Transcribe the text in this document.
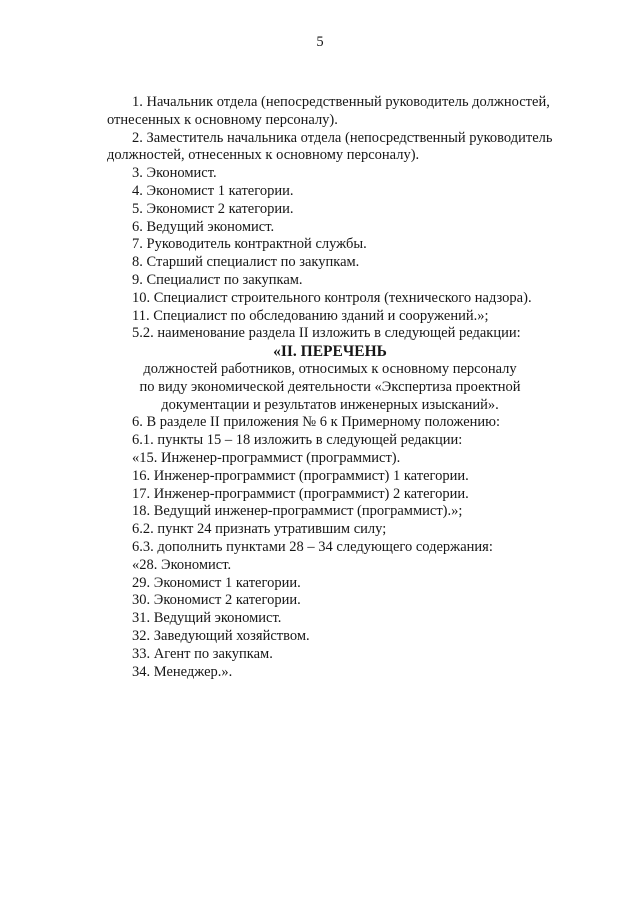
5
1. Начальник отдела (непосредственный руководитель должностей,
отнесенных к основному персоналу).
2. Заместитель начальника отдела (непосредственный руководитель
должностей, отнесенных к основному персоналу).
3. Экономист.
4. Экономист 1 категории.
5. Экономист 2 категории.
6. Ведущий экономист.
7. Руководитель контрактной службы.
8. Старший специалист по закупкам.
9. Специалист по закупкам.
10. Специалист строительного контроля (технического надзора).
11. Специалист по обследованию зданий и сооружений.»;
5.2. наименование раздела II изложить в следующей редакции:
«II. ПЕРЕЧЕНЬ
должностей работников, относимых к основному персоналу
по виду экономической деятельности «Экспертиза проектной
документации и результатов инженерных изысканий».
6. В разделе II приложения № 6 к Примерному положению:
6.1. пункты 15 – 18 изложить в следующей редакции:
«15. Инженер-программист (программист).
16. Инженер-программист (программист) 1 категории.
17. Инженер-программист (программист) 2 категории.
18. Ведущий инженер-программист (программист).»;
6.2. пункт 24 признать утратившим силу;
6.3. дополнить пунктами 28 – 34 следующего содержания:
«28. Экономист.
29. Экономист 1 категории.
30. Экономист 2 категории.
31. Ведущий экономист.
32. Заведующий хозяйством.
33. Агент по закупкам.
34. Менеджер.».
